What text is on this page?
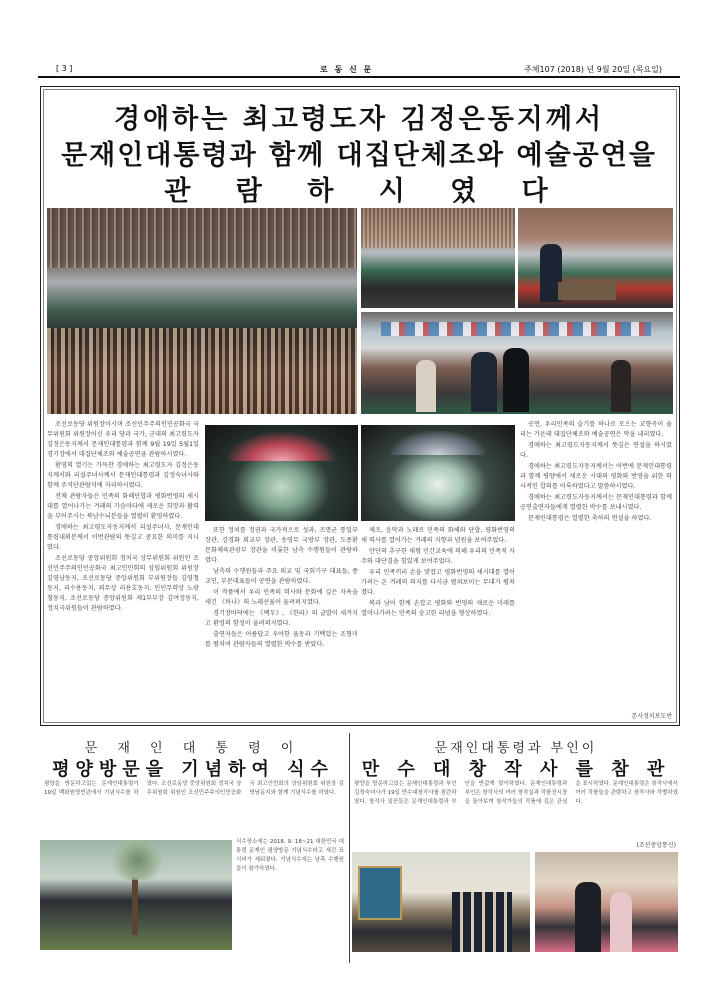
[ 3 ]	로 동 신 문	주체107 (2018) 년 9월 20일 (목요일)
경애하는 최고령도자 김정은동지께서
문재인대통령과 함께 대집단체조와 예술공연을
관 람 하 시 였 다

조선로동당 위원장이시며 조선민주주의인민공화국 국무위원회 위원장이신 우리 당과 국가, 군대의 최고령도자 김정은동지께서 문재인대통령과 함께 9월 19일 5월1일경기장에서 대집단체조와 예술공연을 관람하시였다.

환영의 열기는 가득찬 경애하는 최고령도자 김정은동지께서와 리설주녀사께서 문재인대통령과 김정숙녀사와 함께 주석단관람석에 자리하시였다.

전체 관람자들은 민족의 화해단합과 평화번영의 새시대를 열어나가는 겨레의 가슴마다에 새로운 희망과 활력을 부어주시는 북남수뇌분들을 열렬히 환영하였다.

경애하는 최고령도자동지께서 리설주녀사, 문재인대통령내외분께서 이번관람의 뜻깊고 중요한 의미를 지니였다.

조선로동당 중앙위원회 정치국 상무위원회 위원인 조선민주주의인민공화국 최고인민회의 상임위원회 위원장 김영남동지, 조선로동당 중앙위원회 부위원장들 김영철동지, 리수용동지, 외무상 리용호동지, 인민무력상 노광철동지, 조선로동당 중앙위원회 제1부부장 김여정동지, 정치국위원들이 관람하였다.

또한 정치를 정권과 국가적으로 성과, 조명균 통일부 장관, 강경화 외교부 장관, 송영무 국방부 장관, 도종환 문화체육관광부 장관을 비롯한 남측 수행원들이 관람하였다.

남측의 수행원들과 주요 외교 및 국회기구 대표들, 종교인, 부문대표들이 공연을 관람하였다.

이 작품에서 우리 민족의 력사와 문화에 깊은 자욕을 새긴 《하나》의 노래선율이 울려퍼지였다.

경기장바닥에는 《백두》, 《한라》의 글발이 새겨지고 환영의 함성이 울려퍼지였다.

출연자들은 아름답고 우아한 율동과 기백있는 조형미를 펼치며 관람자들의 열렬한 박수를 받았다.

체조, 음악과 노래로 민족의 화해와 단합, 평화번영의 새 력사를 열어가는 겨레의 지향과 념원을 보여주었다.

만단의 추구한 새형 민간교육에 의해 우리의 민족적 자주와 대단결을 힘있게 보여주었다.

우리 민족끼리 손을 맞잡고 평화번영의 새시대를 열어가려는 온 겨레의 의지를 다시금 펼쳐보이는 무대가 펼쳐졌다.

북과 남이 함께 손잡고 평화와 번영의 새로운 미래를 열어나가려는 민족의 숭고한 리념을 형상하였다.

공연, 우리민족의 슬기를 하나로 모으는 교향곡이 울리는 가운데 대집단체조와 예술공연은 막을 내리였다.

경애하는 최고령도자동지께서 뜻깊은 연설을 하시였다.

경애하는 최고령도자동지께서는 이번에 문재인대통령과 함께 평양에서 새로운 시대의 평화와 번영을 위한 력사적인 합의를 이룩하였다고 말씀하시였다.

경애하는 최고령도자동지께서는 문재인대통령과 함께 공연출연자들에게 열렬한 박수를 보내시였다.

문재인대통령은 열렬한 축하의 연설을 하였다.

본사정치보도반
문 재 인 대 통 령 이
평양방문을 기념하여 식수
평양을 방문하고있는 문재인대통령이 19일 백화원영빈관에서 기념식수를 하였다. 조선로동당 중앙위원회 정치국 상무위원회 위원인 조선민주주의인민공화국 최고인민회의 상임위원회 위원장 김영남동지와 함께 기념식수를 하였다.
식수장소에는 2018. 9. 18~21 대한민국 대통령 문재인 평양방문 기념식수라고 새긴 표식비가 세워졌다. 기념식수에는 남측 수행원들이 참가하였다.
문재인대통령과 부인이
만 수 대 창 작 사 를 참 관
평양을 방문하고있는 문재인대통령과 부인 김정숙녀사가 19일 만수대창작사를 참관하였다. 창작사 일꾼들은 문재인대통령과 부인을 반갑게 맞이하였다. 문재인대통령과 부인은 창작사의 여러 창작실과 작품전시장을 돌아보며 창작가들의 작품에 깊은 관심을 표시하였다. 문재인대통령은 창작사에서 여러 작품들을 관람하고 창작사와 작별하였다.
(조선중앙통신)
